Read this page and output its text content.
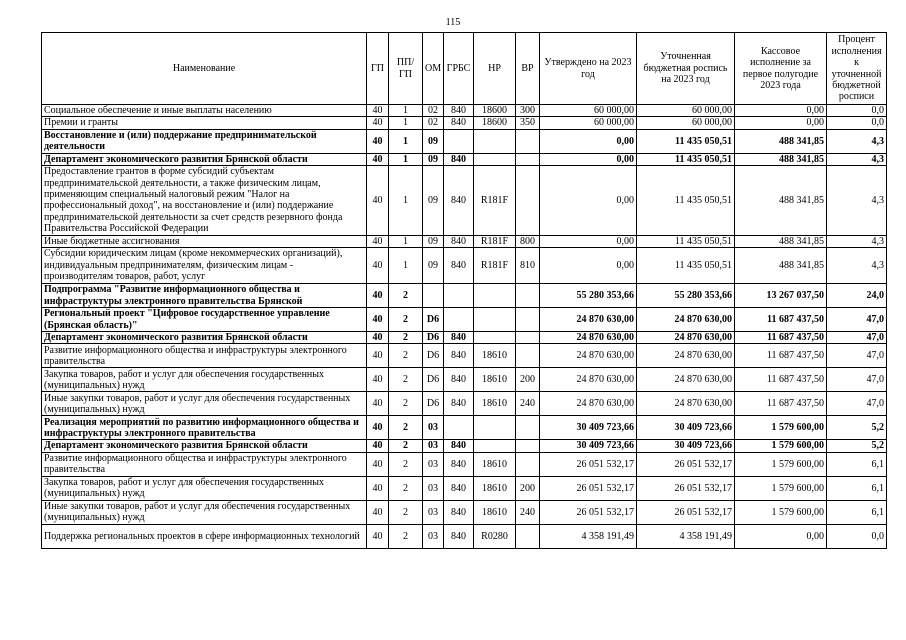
115
Наименование	ГП	ПП/ГП	ОМ	ГРБС	НР	ВР	Утверждено на 2023 год	Уточненная бюджетная роспись на 2023 год	Кассовое исполнение за первое полугодие 2023 года	Процент исполнения к уточненной бюджетной росписи
Социальное обеспечение и иные выплаты населению	40	1	02	840	18600	300	60 000,00	60 000,00	0,00	0,0
Премии и гранты	40	1	02	840	18600	350	60 000,00	60 000,00	0,00	0,0
Восстановление и (или) поддержание предпринимательской деятельности	40	1	09				0,00	11 435 050,51	488 341,85	4,3
Департамент экономического развития Брянской области	40	1	09	840			0,00	11 435 050,51	488 341,85	4,3
Предоставление грантов в форме субсидий субъектам предпринимательской деятельности, а также физическим лицам, применяющим специальный налоговый режим "Налог на профессиональный доход", на восстановление и (или) поддержание предпринимательской деятельности за счет средств резервного фонда Правительства Российской Федерации	40	1	09	840	R181F		0,00	11 435 050,51	488 341,85	4,3
Иные бюджетные ассигнования	40	1	09	840	R181F	800	0,00	11 435 050,51	488 341,85	4,3
Субсидии юридическим лицам (кроме некоммерческих организаций), индивидуальным предпринимателям, физическим лицам - производителям товаров, работ, услуг	40	1	09	840	R181F	810	0,00	11 435 050,51	488 341,85	4,3
Подпрограмма "Развитие информационного общества и инфраструктуры электронного правительства Брянской	40	2					55 280 353,66	55 280 353,66	13 267 037,50	24,0
Региональный проект "Цифровое государственное управление (Брянская область)"	40	2	D6				24 870 630,00	24 870 630,00	11 687 437,50	47,0
Департамент экономического развития Брянской области	40	2	D6	840			24 870 630,00	24 870 630,00	11 687 437,50	47,0
Развитие информационного общества и инфраструктуры электронного правительства	40	2	D6	840	18610		24 870 630,00	24 870 630,00	11 687 437,50	47,0
Закупка товаров, работ и услуг для обеспечения государственных (муниципальных) нужд	40	2	D6	840	18610	200	24 870 630,00	24 870 630,00	11 687 437,50	47,0
Иные закупки товаров, работ и услуг для обеспечения государственных (муниципальных) нужд	40	2	D6	840	18610	240	24 870 630,00	24 870 630,00	11 687 437,50	47,0
Реализация мероприятий по развитию информационного общества и инфраструктуры электронного правительства	40	2	03				30 409 723,66	30 409 723,66	1 579 600,00	5,2
Департамент экономического развития Брянской области	40	2	03	840			30 409 723,66	30 409 723,66	1 579 600,00	5,2
Развитие информационного общества и инфраструктуры электронного правительства	40	2	03	840	18610		26 051 532,17	26 051 532,17	1 579 600,00	6,1
Закупка товаров, работ и услуг для обеспечения государственных (муниципальных) нужд	40	2	03	840	18610	200	26 051 532,17	26 051 532,17	1 579 600,00	6,1
Иные закупки товаров, работ и услуг для обеспечения государственных (муниципальных) нужд	40	2	03	840	18610	240	26 051 532,17	26 051 532,17	1 579 600,00	6,1
Поддержка региональных проектов в сфере информационных технологий	40	2	03	840	R0280		4 358 191,49	4 358 191,49	0,00	0,0
